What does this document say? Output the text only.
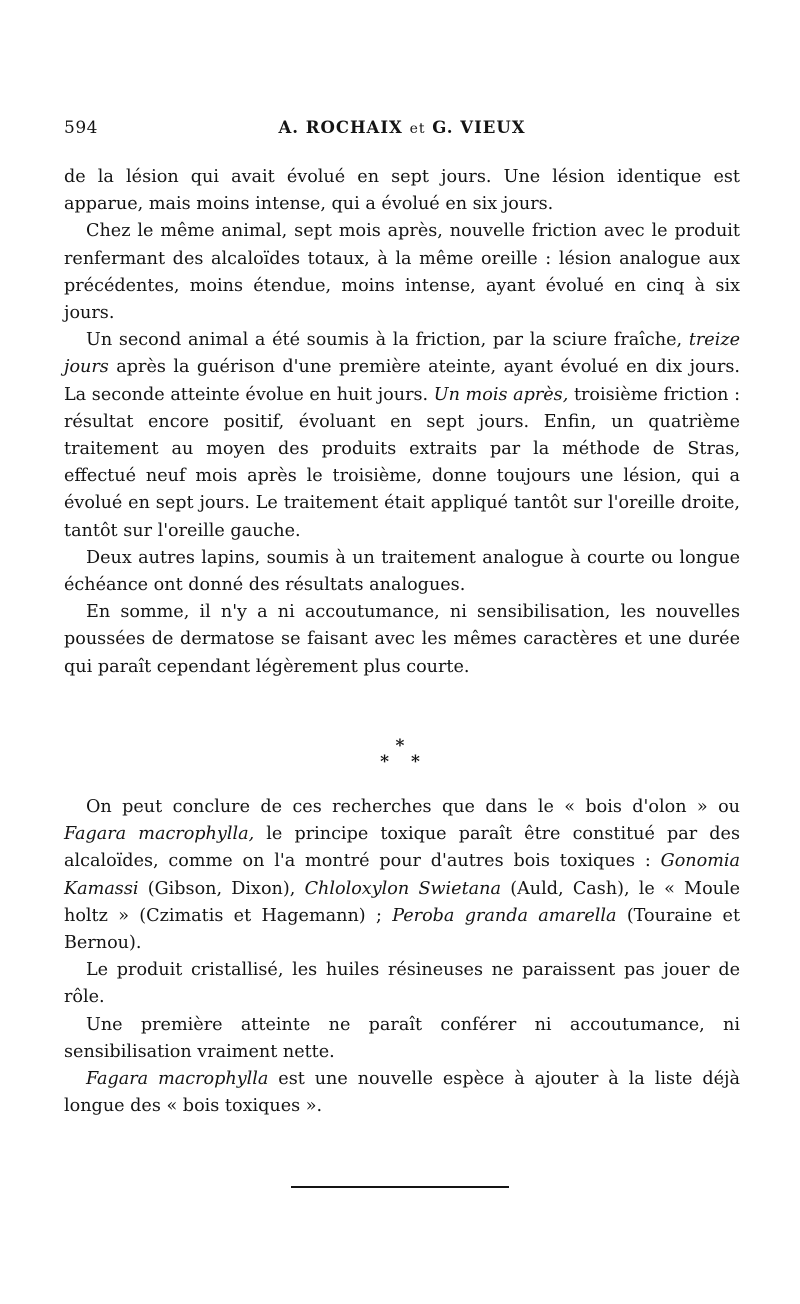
594	A. ROCHAIX et G. VIEUX

de la lésion qui avait évolué en sept jours. Une lésion identique est apparue, mais moins intense, qui a évolué en six jours.

Chez le même animal, sept mois après, nouvelle friction avec le produit renfermant des alcaloïdes totaux, à la même oreille : lésion analogue aux précédentes, moins étendue, moins intense, ayant évolué en cinq à six jours.

Un second animal a été soumis à la friction, par la sciure fraîche, treize jours après la guérison d'une première ateinte, ayant évolué en dix jours. La seconde atteinte évolue en huit jours. Un mois après, troisième friction : résultat encore positif, évoluant en sept jours. Enfin, un quatrième traitement au moyen des produits extraits par la méthode de Stras, effectué neuf mois après le troisième, donne toujours une lésion, qui a évolué en sept jours. Le traitement était appliqué tantôt sur l'oreille droite, tantôt sur l'oreille gauche.

Deux autres lapins, soumis à un traitement analogue à courte ou longue échéance ont donné des résultats analogues.

En somme, il n'y a ni accoutumance, ni sensibilisation, les nouvelles poussées de dermatose se faisant avec les mêmes caractères et une durée qui paraît cependant légèrement plus courte.

*
* *

On peut conclure de ces recherches que dans le « bois d'olon » ou Fagara macrophylla, le principe toxique paraît être constitué par des alcaloïdes, comme on l'a montré pour d'autres bois toxiques : Gonomia Kamassi (Gibson, Dixon), Chloloxylon Swietana (Auld, Cash), le « Moule holtz » (Czimatis et Hagemann) ; Peroba granda amarella (Touraine et Bernou).

Le produit cristallisé, les huiles résineuses ne paraissent pas jouer de rôle.

Une première atteinte ne paraît conférer ni accoutumance, ni sensibilisation vraiment nette.

Fagara macrophylla est une nouvelle espèce à ajouter à la liste déjà longue des « bois toxiques ».
